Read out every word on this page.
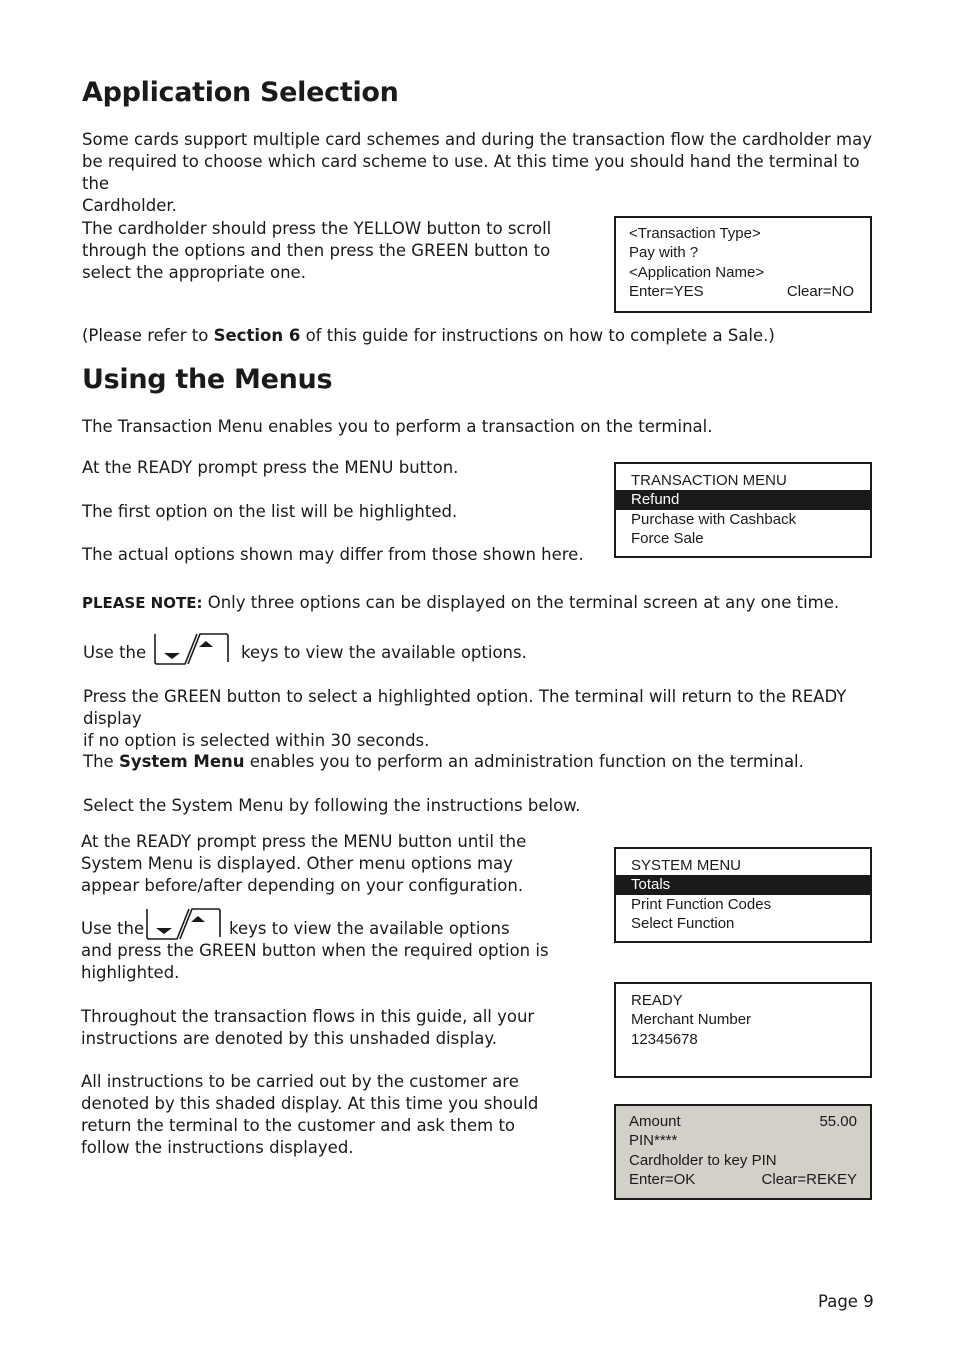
Application Selection
Some cards support multiple card schemes and during the transaction flow the cardholder may
be required to choose which card scheme to use. At this time you should hand the terminal to the
Cardholder.
The cardholder should press the YELLOW button to scroll
through the options and then press the GREEN button to
select the appropriate one.
<Transaction Type>
Pay with ?
<Application Name>
Enter=YES	Clear=NO
(Please refer to Section 6 of this guide for instructions on how to complete a Sale.)
Using the Menus
The Transaction Menu enables you to perform a transaction on the terminal.
At the READY prompt press the MENU button.
The first option on the list will be highlighted.
The actual options shown may differ from those shown here.
TRANSACTION MENU
Refund
Purchase with Cashback
Force Sale
PLEASE NOTE: Only three options can be displayed on the terminal screen at any one time.
Use the	keys to view the available options.
Press the GREEN button to select a highlighted option. The terminal will return to the READY display
if no option is selected within 30 seconds.
The System Menu enables you to perform an administration function on the terminal.
Select the System Menu by following the instructions below.
At the READY prompt press the MENU button until the
System Menu is displayed. Other menu options may
appear before/after depending on your configuration.
Use the	keys to view the available options
and press the GREEN button when the required option is
highlighted.
Throughout the transaction flows in this guide, all your
instructions are denoted by this unshaded display.
All instructions to be carried out by the customer are
denoted by this shaded display. At this time you should
return the terminal to the customer and ask them to
follow the instructions displayed.
SYSTEM MENU
Totals
Print Function Codes
Select Function
READY
Merchant Number
12345678
Amount	55.00
PIN****
Cardholder to key PIN
Enter=OK	Clear=REKEY
Page 9
